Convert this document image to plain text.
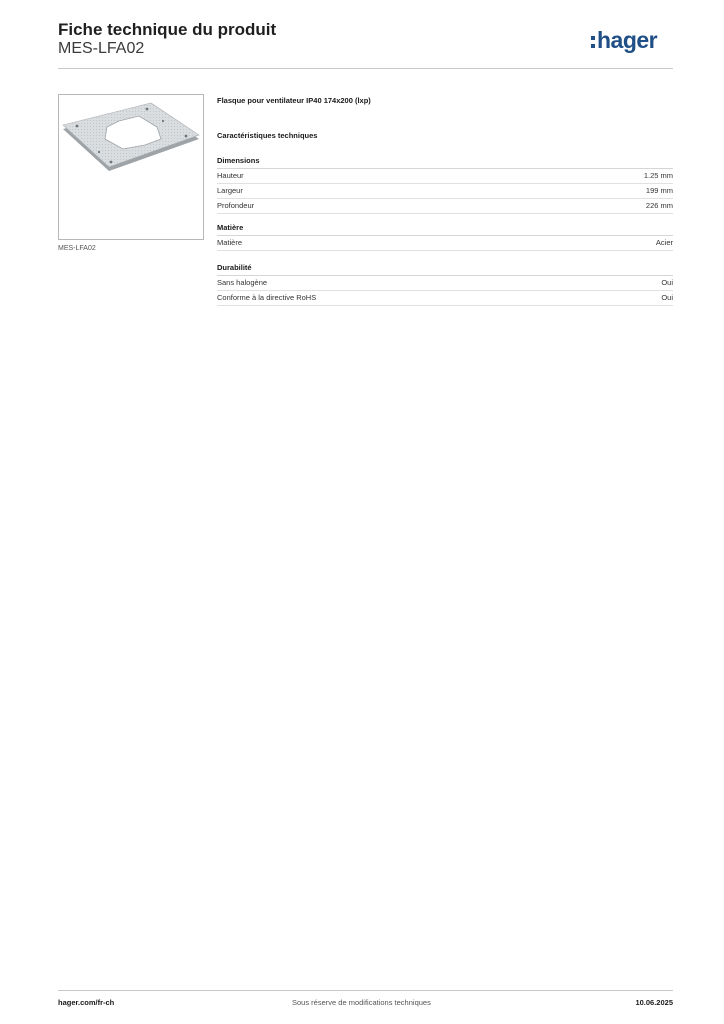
Fiche technique du produit
MES-LFA02	hager
MES-LFA02
Flasque pour ventilateur IP40 174x200 (lxp)
Caractéristiques techniques
Dimensions
Hauteur	1.25 mm
Largeur	199 mm
Profondeur	226 mm
Matière
Matière	Acier
Durabilité
Sans halogène	Oui
Conforme à la directive RoHS	Oui
hager.com/fr-ch	Sous réserve de modifications techniques	10.06.2025
